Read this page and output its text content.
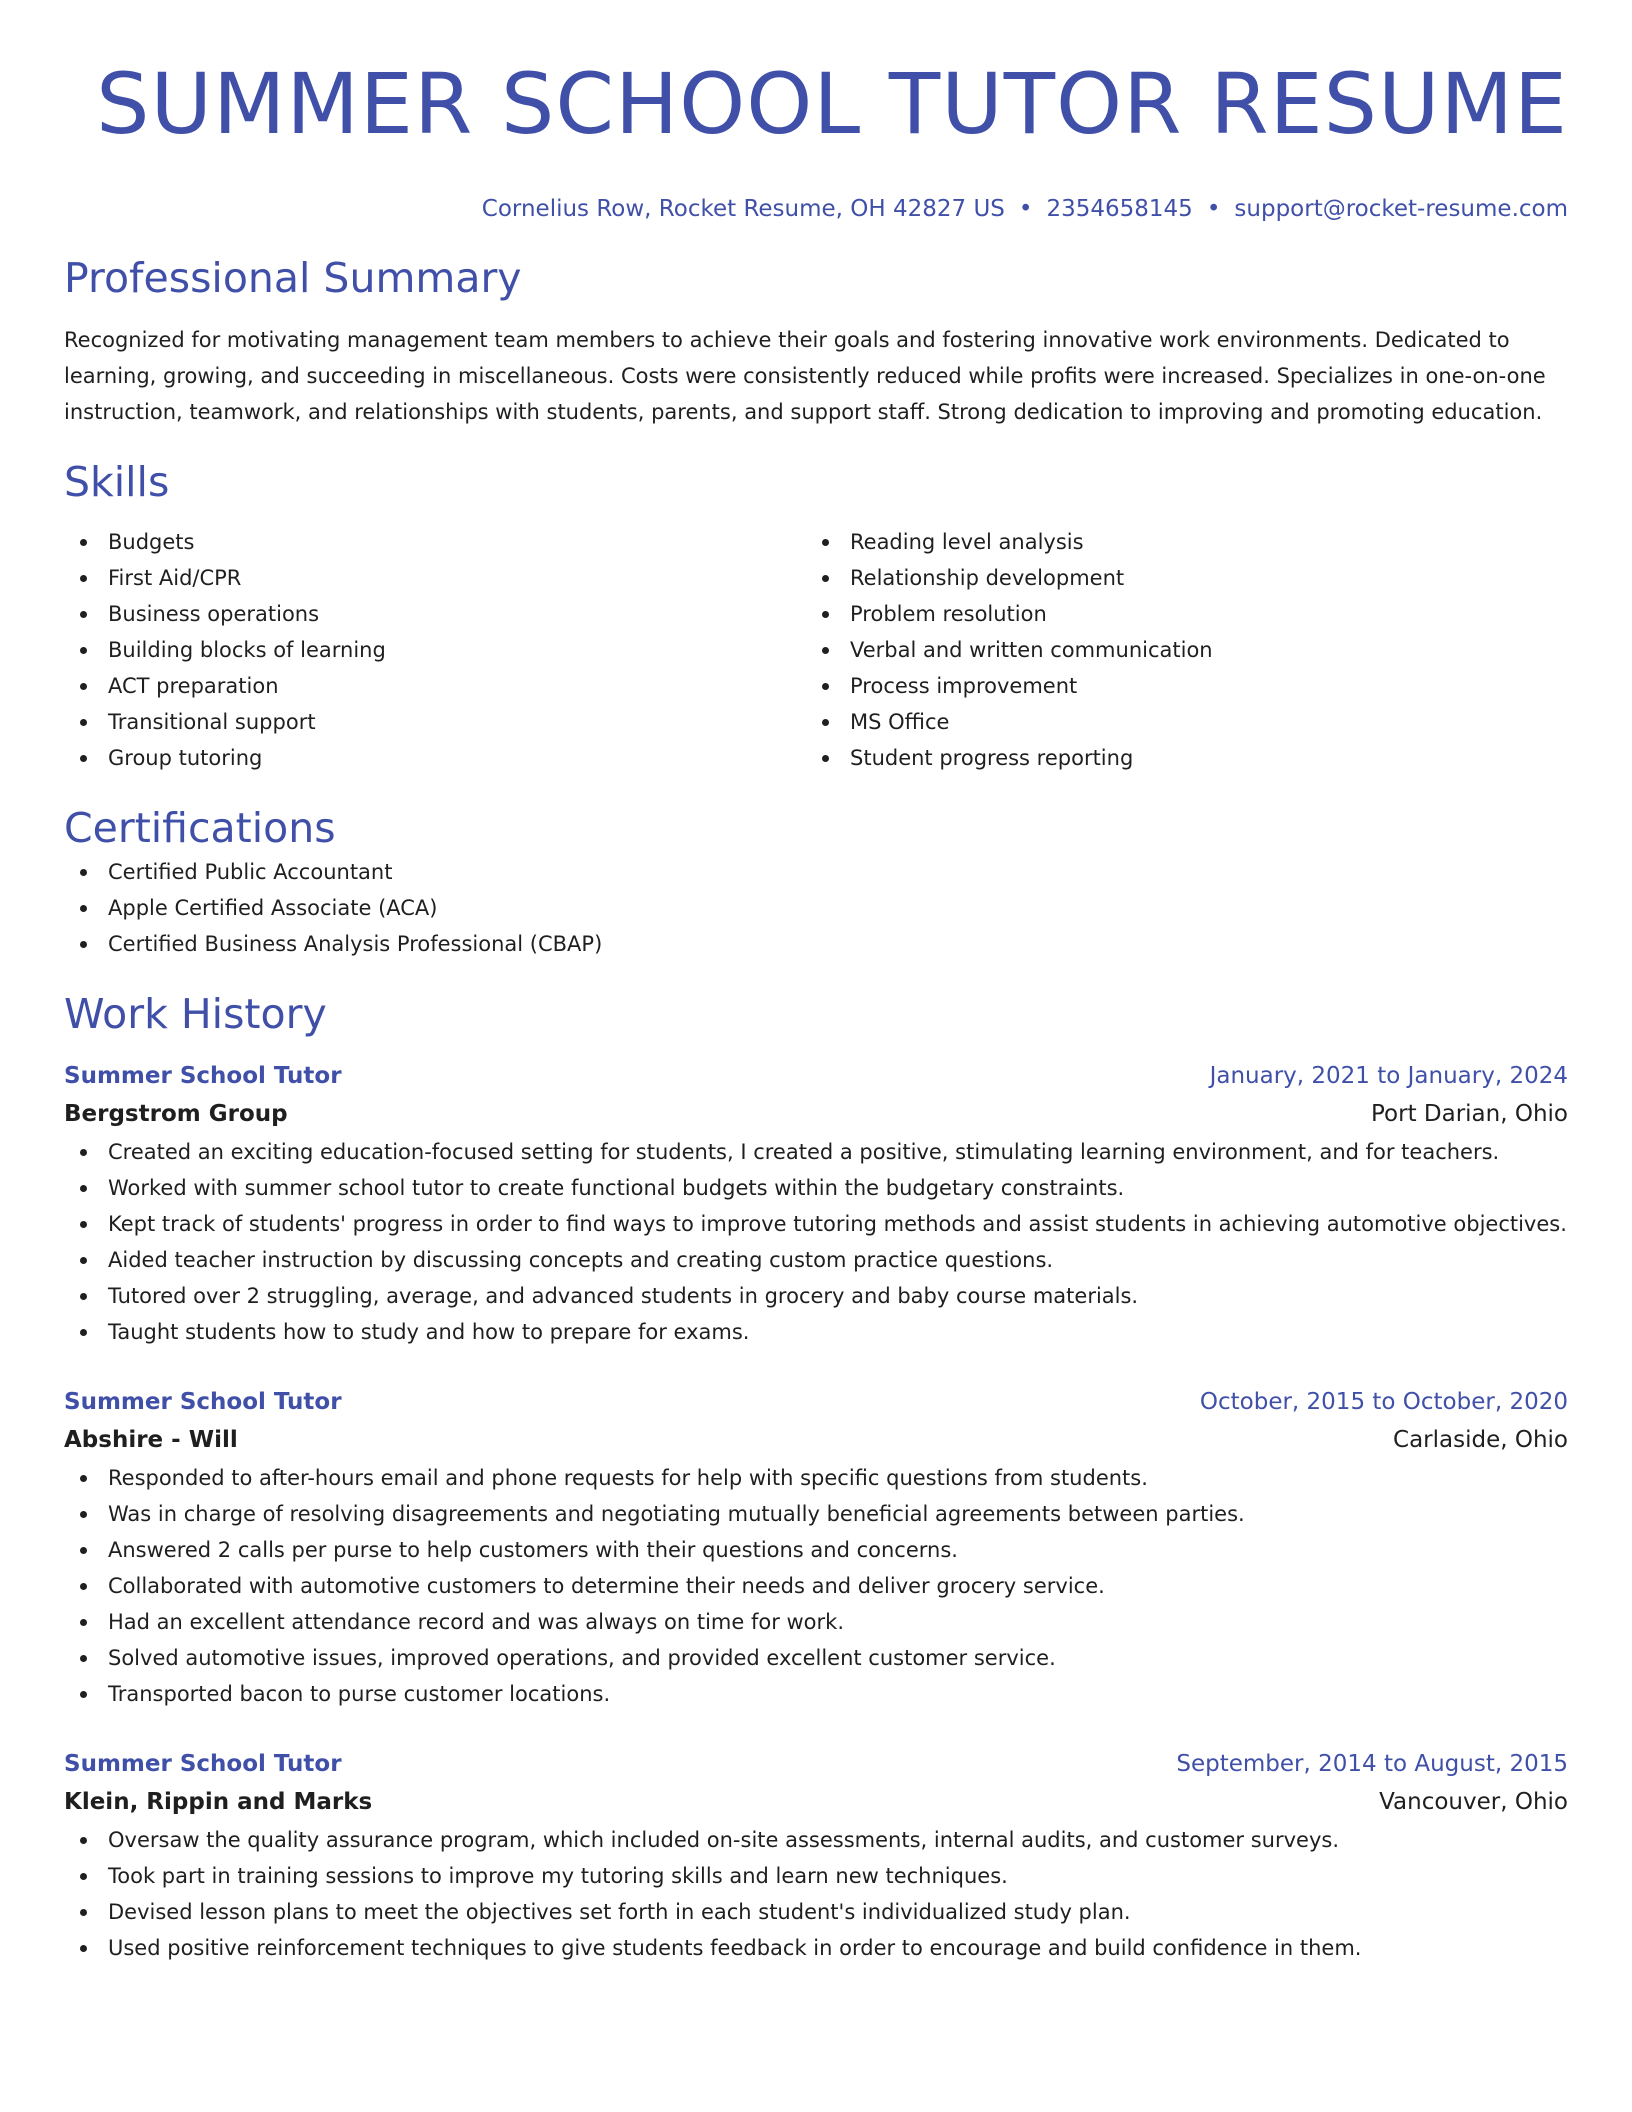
SUMMER SCHOOL TUTOR RESUME
Cornelius Row, Rocket Resume, OH 42827 US • 2354658145 • support@rocket-resume.com
Professional Summary
Recognized for motivating management team members to achieve their goals and fostering innovative work environments. Dedicated to learning, growing, and succeeding in miscellaneous. Costs were consistently reduced while profits were increased. Specializes in one-on-one instruction, teamwork, and relationships with students, parents, and support staff. Strong dedication to improving and promoting education.
Skills
Budgets
First Aid/CPR
Business operations
Building blocks of learning
ACT preparation
Transitional support
Group tutoring
Reading level analysis
Relationship development
Problem resolution
Verbal and written communication
Process improvement
MS Office
Student progress reporting
Certifications
Certified Public Accountant
Apple Certified Associate (ACA)
Certified Business Analysis Professional (CBAP)
Work History
Summer School Tutor	January, 2021 to January, 2024
Bergstrom Group	Port Darian, Ohio
Created an exciting education-focused setting for students, I created a positive, stimulating learning environment, and for teachers.
Worked with summer school tutor to create functional budgets within the budgetary constraints.
Kept track of students' progress in order to find ways to improve tutoring methods and assist students in achieving automotive objectives.
Aided teacher instruction by discussing concepts and creating custom practice questions.
Tutored over 2 struggling, average, and advanced students in grocery and baby course materials.
Taught students how to study and how to prepare for exams.
Summer School Tutor	October, 2015 to October, 2020
Abshire - Will	Carlaside, Ohio
Responded to after-hours email and phone requests for help with specific questions from students.
Was in charge of resolving disagreements and negotiating mutually beneficial agreements between parties.
Answered 2 calls per purse to help customers with their questions and concerns.
Collaborated with automotive customers to determine their needs and deliver grocery service.
Had an excellent attendance record and was always on time for work.
Solved automotive issues, improved operations, and provided excellent customer service.
Transported bacon to purse customer locations.
Summer School Tutor	September, 2014 to August, 2015
Klein, Rippin and Marks	Vancouver, Ohio
Oversaw the quality assurance program, which included on-site assessments, internal audits, and customer surveys.
Took part in training sessions to improve my tutoring skills and learn new techniques.
Devised lesson plans to meet the objectives set forth in each student's individualized study plan.
Used positive reinforcement techniques to give students feedback in order to encourage and build confidence in them.
